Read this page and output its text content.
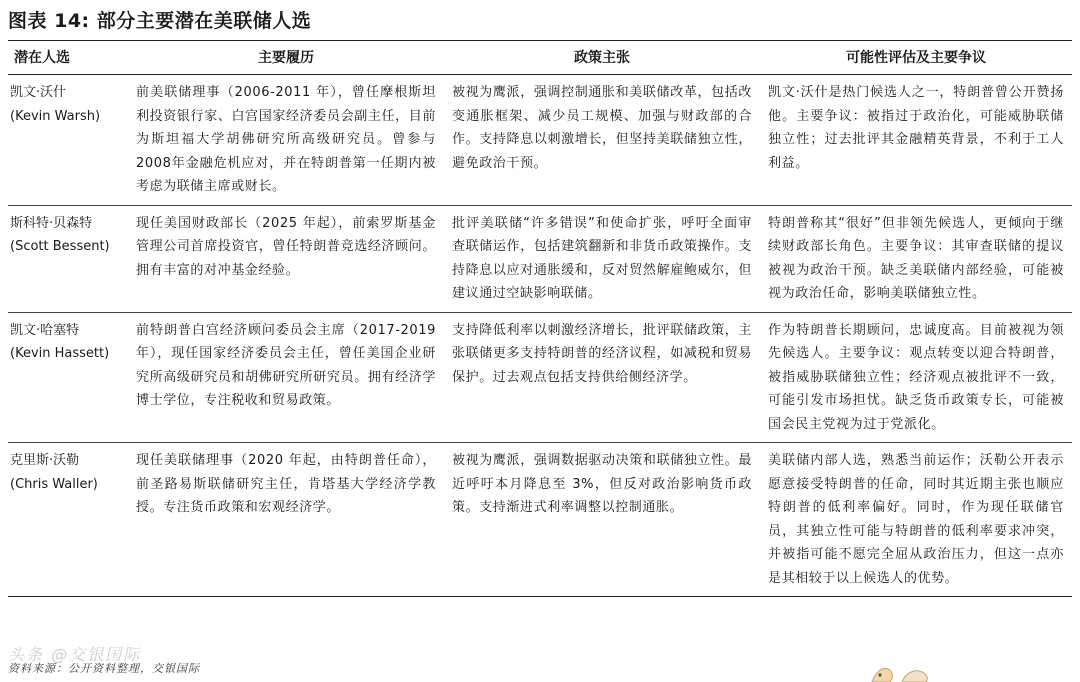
图表 14: 部分主要潜在美联储人选
潜在人选	主要履历	政策主张	可能性评估及主要争议

凯文·沃什
(Kevin Warsh)	前美联储理事（2006-2011 年），曾任摩根斯坦利投资银行家、白宫国家经济委员会副主任，目前为斯坦福大学胡佛研究所高级研究员。曾参与2008年金融危机应对，并在特朗普第一任期内被考虑为联储主席或财长。	被视为鹰派，强调控制通胀和美联储改革，包括改变通胀框架、减少员工规模、加强与财政部的合作。支持降息以刺激增长，但坚持美联储独立性，避免政治干预。	凯文·沃什是热门候选人之一，特朗普曾公开赞扬他。主要争议：被指过于政治化，可能威胁联储独立性；过去批评其金融精英背景，不利于工人利益。

斯科特·贝森特
(Scott Bessent)	现任美国财政部长（2025 年起），前索罗斯基金管理公司首席投资官，曾任特朗普竞选经济顾问。拥有丰富的对冲基金经验。	批评美联储“许多错误”和使命扩张，呼吁全面审查联储运作，包括建筑翻新和非货币政策操作。支持降息以应对通胀缓和，反对贸然解雇鲍威尔，但建议通过空缺影响联储。	特朗普称其“很好”但非领先候选人，更倾向于继续财政部长角色。主要争议：其审查联储的提议被视为政治干预。缺乏美联储内部经验，可能被视为政治任命，影响美联储独立性。

凯文·哈塞特
(Kevin Hassett)	前特朗普白宫经济顾问委员会主席（2017-2019 年），现任国家经济委员会主任，曾任美国企业研究所高级研究员和胡佛研究所研究员。拥有经济学博士学位，专注税收和贸易政策。	支持降低利率以刺激经济增长，批评联储政策，主张联储更多支持特朗普的经济议程，如减税和贸易保护。过去观点包括支持供给侧经济学。	作为特朗普长期顾问，忠诚度高。目前被视为领先候选人。主要争议：观点转变以迎合特朗普，被指威胁联储独立性；经济观点被批评不一致，可能引发市场担忧。缺乏货币政策专长，可能被国会民主党视为过于党派化。

克里斯·沃勒
(Chris Waller)	现任美联储理事（2020 年起，由特朗普任命），前圣路易斯联储研究主任，肯塔基大学经济学教授。专注货币政策和宏观经济学。	被视为鹰派，强调数据驱动决策和联储独立性。最近呼吁本月降息至 3%，但反对政治影响货币政策。支持渐进式利率调整以控制通胀。	美联储内部人选，熟悉当前运作；沃勒公开表示愿意接受特朗普的任命，同时其近期主张也顺应特朗普的低利率偏好。同时，作为现任联储官员，其独立性可能与特朗普的低利率要求冲突，并被指可能不愿完全屈从政治压力，但这一点亦是其相较于以上候选人的优势。
头条 @交银国际
资料来源：公开资料整理，交银国际
